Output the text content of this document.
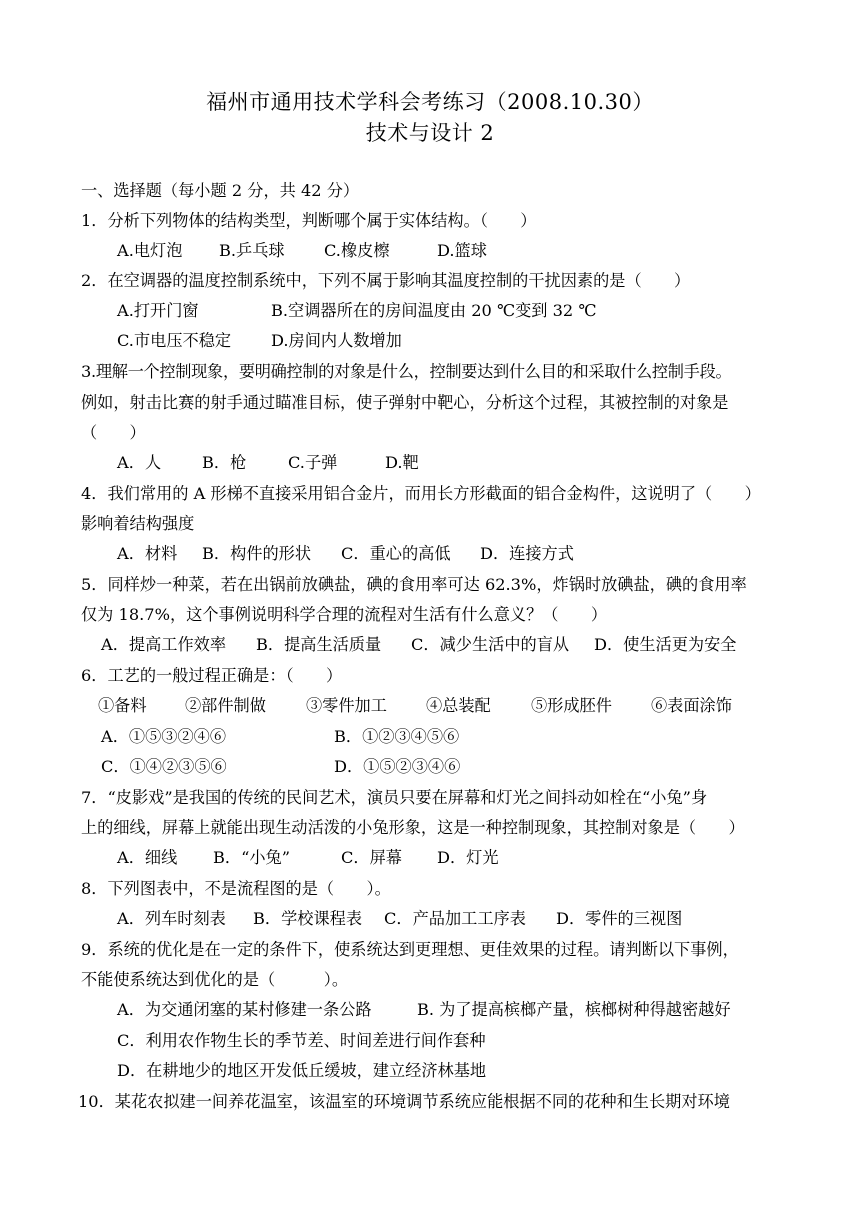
福州市通用技术学科会考练习（2008.10.30）
技术与设计 2
一、选择题（每小题 2 分，共 42 分）
1．分析下列物体的结构类型，判断哪个属于实体结构。（　　）
A.电灯泡 B.乒乓球 C.橡皮檫	D.篮球
2．在空调器的温度控制系统中，下列不属于影响其温度控制的干扰因素的是（　　）
A.打开门窗	B.空调器所在的房间温度由 20 ℃变到 32 ℃
C.市电压不稳定 D.房间内人数增加
3.理解一个控制现象，要明确控制的对象是什么，控制要达到什么目的和采取什么控制手段。
例如，射击比赛的射手通过瞄准目标，使子弹射中靶心，分析这个过程，其被控制的对象是
（　　）
A．人	B．枪	C.子弹	D.靶
4．我们常用的 A 形梯不直接采用铝合金片，而用长方形截面的铝合金构件，这说明了（　　）
影响着结构强度
A．材料 B．构件的形状 C．重心的高低 D．连接方式
5．同样炒一种菜，若在出锅前放碘盐，碘的食用率可达 62.3%，炸锅时放碘盐，碘的食用率
仅为 18.7%，这个事例说明科学合理的流程对生活有什么意义？（　　）
A．提高工作效率 B．提高生活质量 C．减少生活中的盲从 D．使生活更为安全
6．工艺的一般过程正确是：（　　）
①备料 ②部件制做 ③零件加工 ④总装配 ⑤形成胚件 ⑥表面涂饰
A．①⑤③②④⑥	B．①②③④⑤⑥
C．①④②③⑤⑥	D．①⑤②③④⑥
7．“皮影戏”是我国的传统的民间艺术，演员只要在屏幕和灯光之间抖动如栓在“小兔”身
上的细线，屏幕上就能出现生动活泼的小兔形象，这是一种控制现象，其控制对象是（　　）
A．细线 B．“小兔”	C．屏幕 D．灯光
8．下列图表中，不是流程图的是（　　）。
A．列车时刻表 B．学校课程表 C．产品加工工序表 D．零件的三视图
9．系统的优化是在一定的条件下，使系统达到更理想、更佳效果的过程。请判断以下事例，
不能使系统达到优化的是（　　　）。
A．为交通闭塞的某村修建一条公路	B. 为了提高槟榔产量，槟榔树种得越密越好
C．利用农作物生长的季节差、时间差进行间作套种
D．在耕地少的地区开发低丘缓坡，建立经济林基地
10．某花农拟建一间养花温室，该温室的环境调节系统应能根据不同的花种和生长期对环境
